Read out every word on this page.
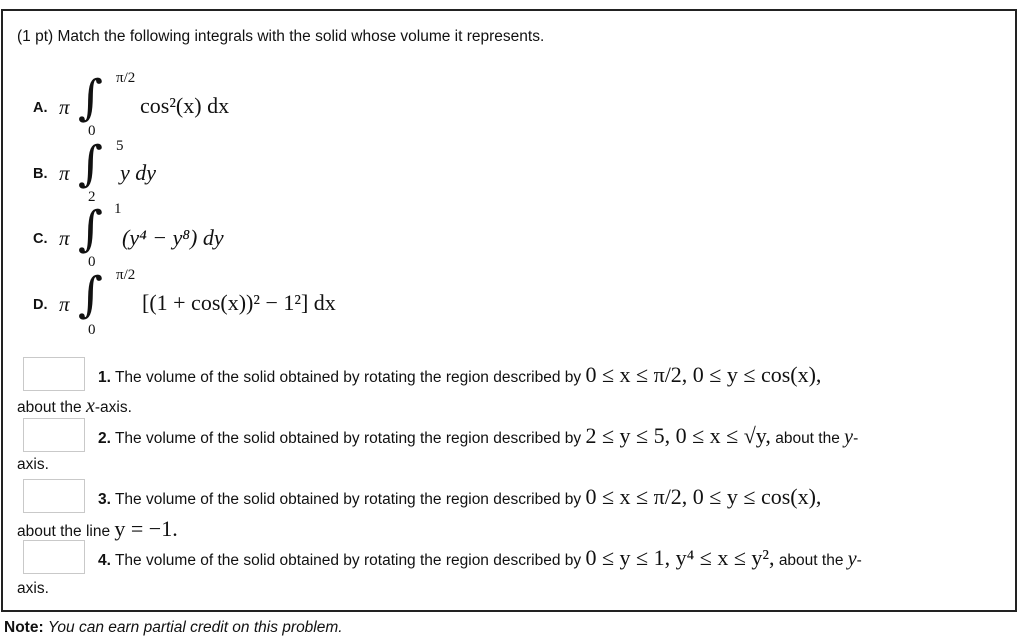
(1 pt) Match the following integrals with the solid whose volume it represents.
A. π ∫ π/2
0
cos²(x) dx
B. π ∫ 5
2
y dy
C. π ∫ 1
0
(y⁴ − y⁸) dy
D. π ∫ π/2
0
[(1 + cos(x))² − 1²] dx
1. The volume of the solid obtained by rotating the region described by 0 ≤ x ≤ π/2, 0 ≤ y ≤ cos(x),
about the x-axis.
2. The volume of the solid obtained by rotating the region described by 2 ≤ y ≤ 5, 0 ≤ x ≤ √y, about the y-
axis.
3. The volume of the solid obtained by rotating the region described by 0 ≤ x ≤ π/2, 0 ≤ y ≤ cos(x),
about the line y = −1.
4. The volume of the solid obtained by rotating the region described by 0 ≤ y ≤ 1, y⁴ ≤ x ≤ y², about the y-
axis.
Note: You can earn partial credit on this problem.
